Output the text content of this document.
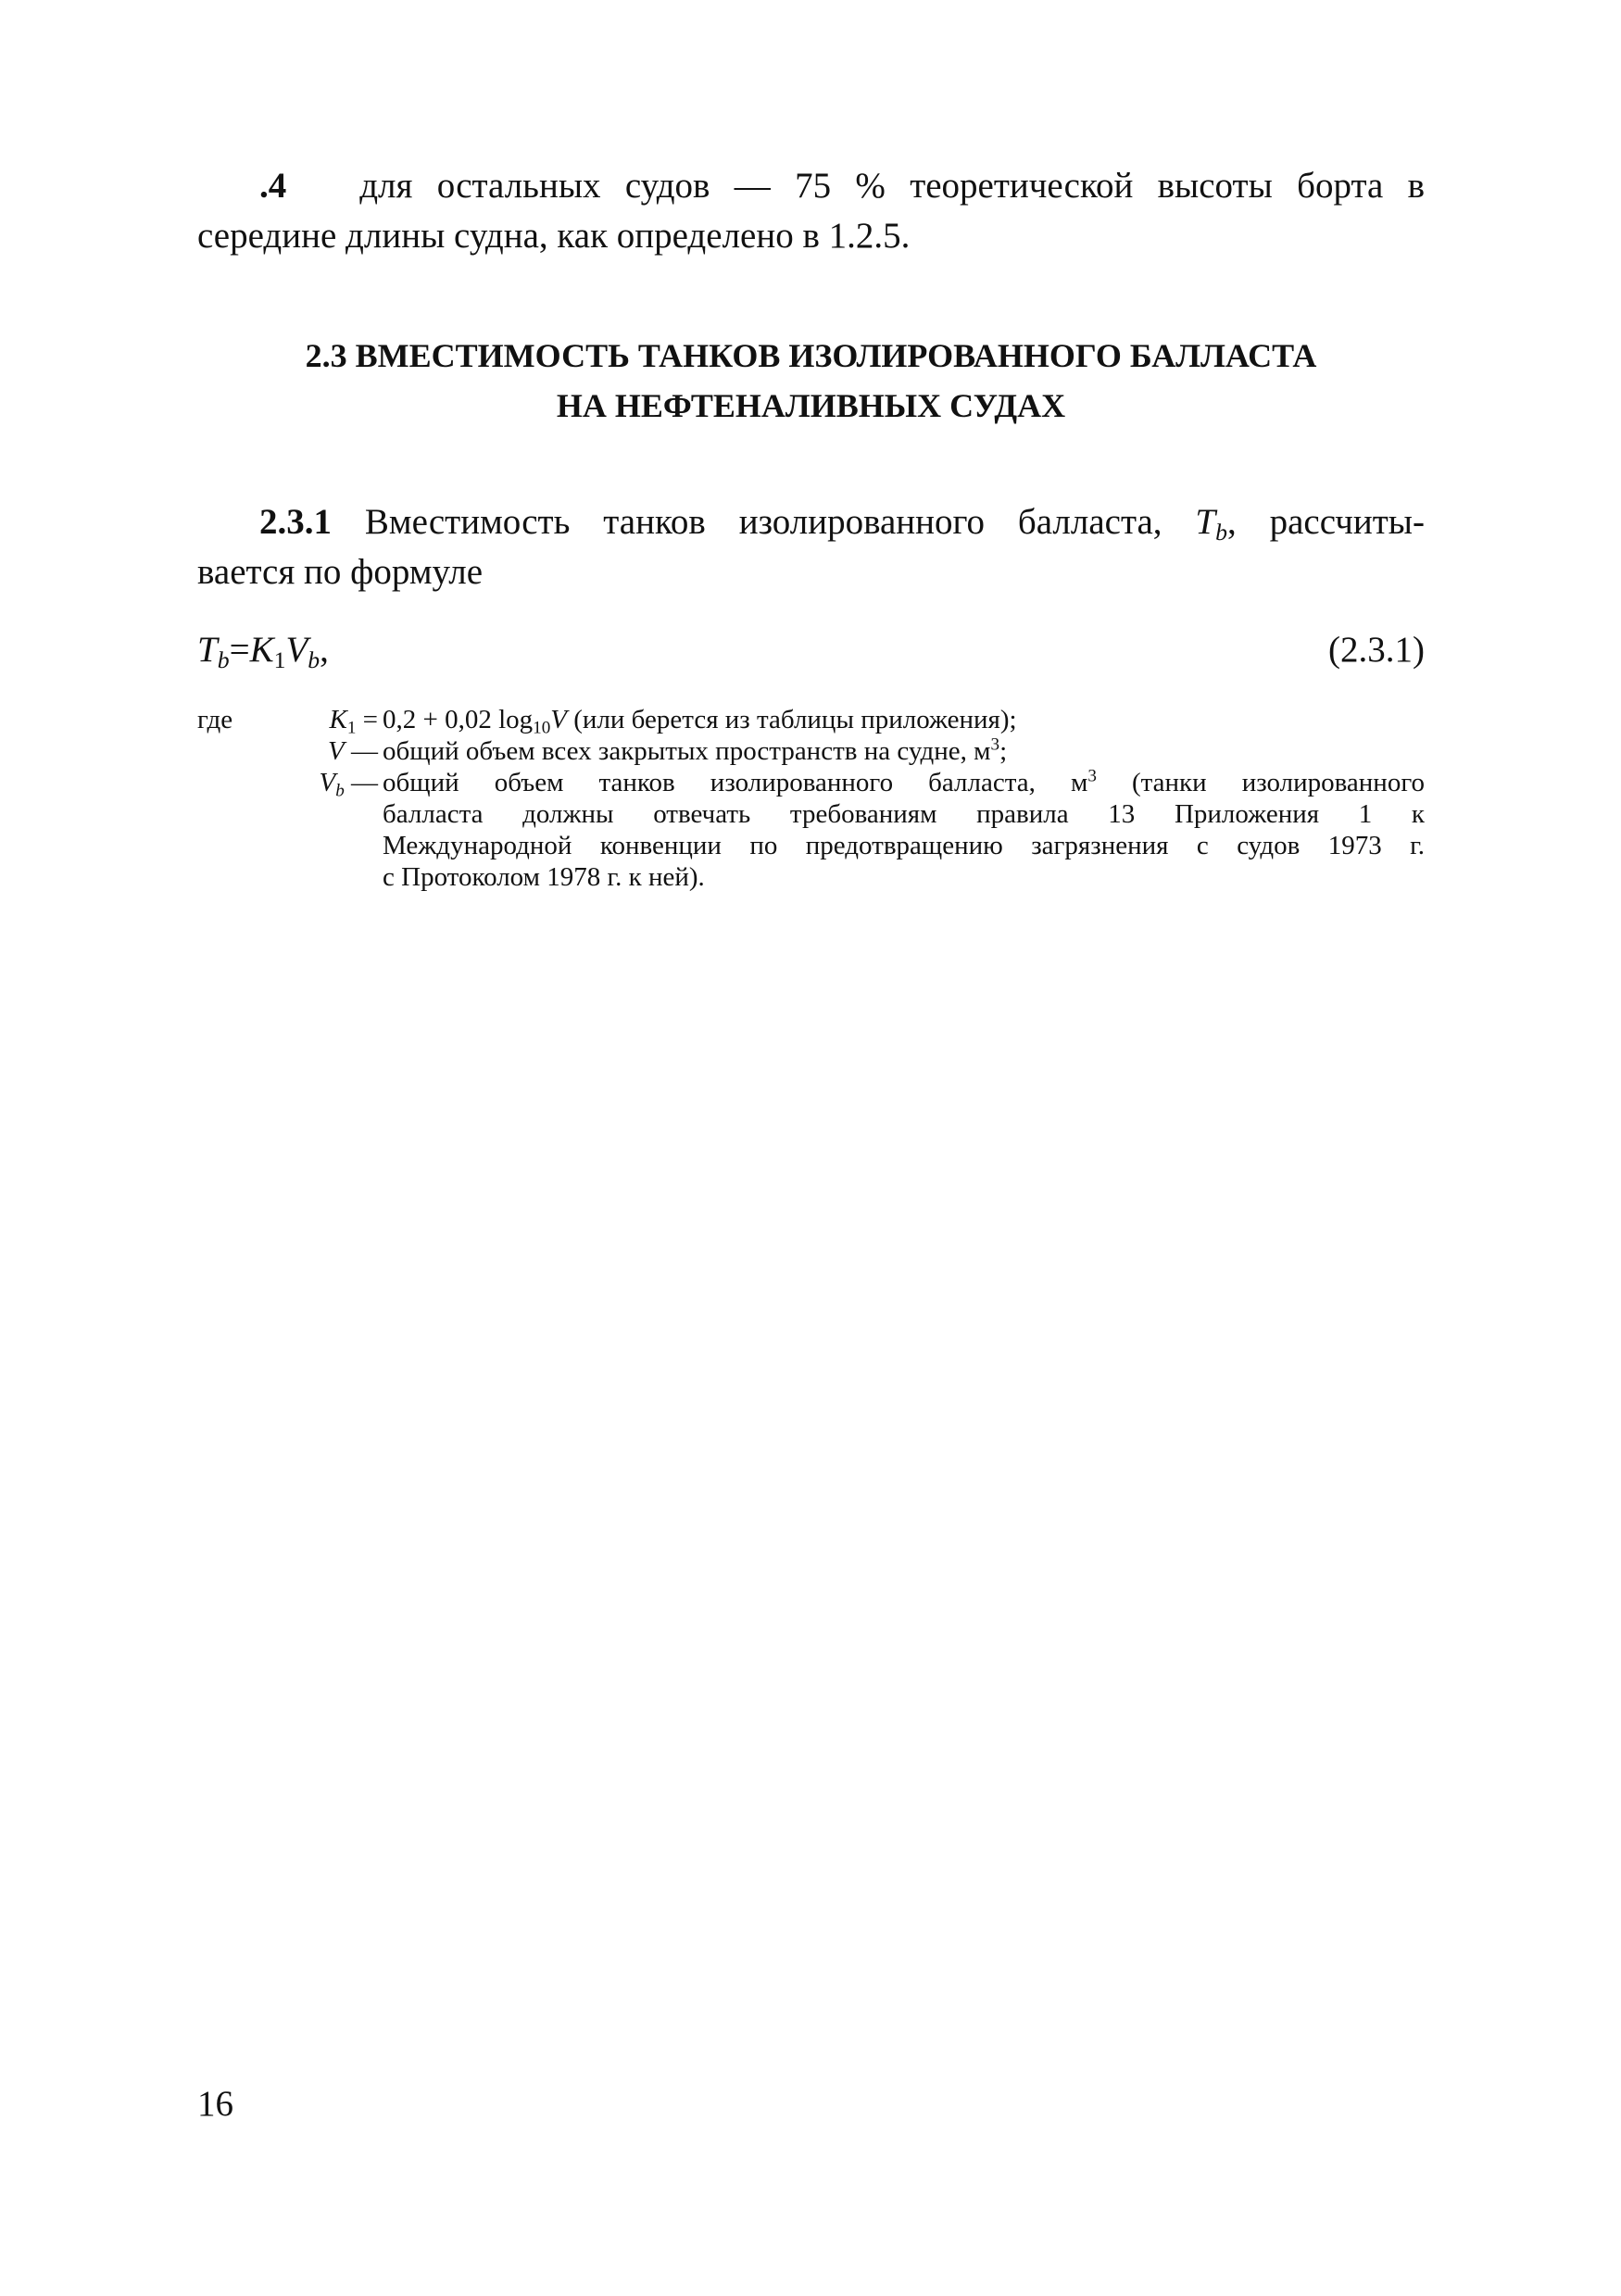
.4 для остальных судов — 75 % теоретической высоты борта в
середине длины судна, как определено в 1.2.5.
2.3 ВМЕСТИМОСТЬ ТАНКОВ ИЗОЛИРОВАННОГО БАЛЛАСТА
НА НЕФТЕНАЛИВНЫХ СУДАХ
2.3.1 Вместимость танков изолированного балласта, $T_b$, рассчиты-
вается по формуле
$T_b=K_1V_b$,	(2.3.1)
где	$K_1 = 0,2 + 0,02$ $\log_{10}V$ (или берется из таблицы приложения);
V — общий объем всех закрытых пространств на судне, $м^3$;
$V_b$ — общий объем танков изолированного балласта, $м^3$ (танки изолированного
балласта должны отвечать требованиям правила 13 Приложения 1 к
Международной конвенции по предотвращению загрязнения с судов 1973 г.
с Протоколом 1978 г. к ней).
16
